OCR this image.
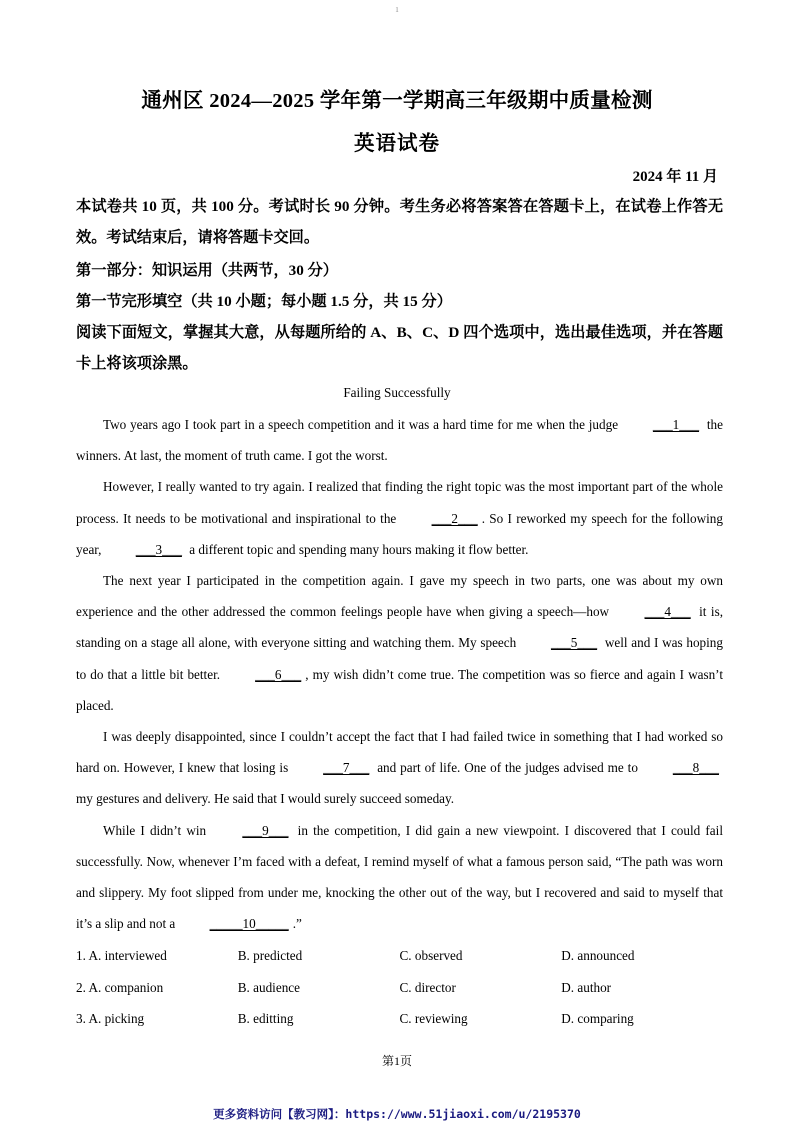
1
通州区 2024—2025 学年第一学期高三年级期中质量检测
英语试卷
2024 年 11 月
本试卷共 10 页，共 100 分。考试时长 90 分钟。考生务必将答案答在答题卡上，在试卷上作答无效。考试结束后，请将答题卡交回。
第一部分：知识运用（共两节，30 分）
第一节完形填空（共 10 小题；每小题 1.5 分，共 15 分）
阅读下面短文，掌握其大意，从每题所给的 A、B、C、D 四个选项中，选出最佳选项，并在答题卡上将该项涂黑。
Failing Successfully

Two years ago I took part in a speech competition and it was a hard time for me when the judge ___1___ the winners. At last, the moment of truth came. I got the worst.

However, I really wanted to try again. I realized that finding the right topic was the most important part of the whole process. It needs to be motivational and inspirational to the ___2___ . So I reworked my speech for the following year, ___3___ a different topic and spending many hours making it flow better.

The next year I participated in the competition again. I gave my speech in two parts, one was about my own experience and the other addressed the common feelings people have when giving a speech—how ___4___ it is, standing on a stage all alone, with everyone sitting and watching them. My speech ___5___ well and I was hoping to do that a little bit better. ___6___ , my wish didn’t come true. The competition was so fierce and again I wasn’t placed.

I was deeply disappointed, since I couldn’t accept the fact that I had failed twice in something that I had worked so hard on. However, I knew that losing is ___7___ and part of life. One of the judges advised me to ___8___ my gestures and delivery. He said that I would surely succeed someday.

While I didn’t win ___9___ in the competition, I did gain a new viewpoint. I discovered that I could fail successfully. Now, whenever I’m faced with a defeat, I remind myself of what a famous person said, “The path was worn and slippery. My foot slipped from under me, knocking the other out of the way, but I recovered and said to myself that it’s a slip and not a _____10_____ .”

1. A. interviewed	B. predicted	C. observed	D. announced
2. A. companion	B. audience	C. director	D. author
3. A. picking	B. editting	C. reviewing	D. comparing
第1页
更多资料访问【教习网】：https://www.51jiaoxi.com/u/2195370
